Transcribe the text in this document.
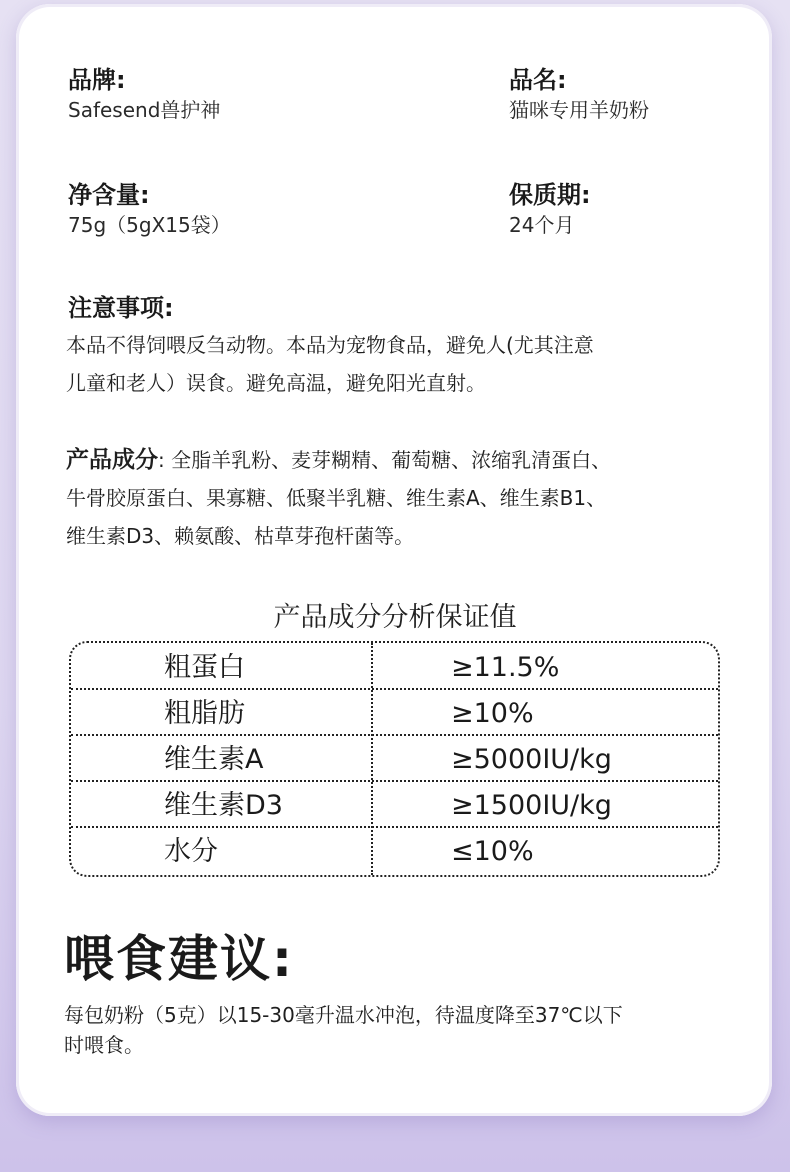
品牌:
Safesend兽护神
品名:
猫咪专用羊奶粉
净含量:
75g（5gX15袋）
保质期:
24个月
注意事项:
本品不得饲喂反刍动物。本品为宠物食品，避免人(尤其注意
儿童和老人）误食。避免高温，避免阳光直射。
产品成分: 全脂羊乳粉、麦芽糊精、葡萄糖、浓缩乳清蛋白、
牛骨胶原蛋白、果寡糖、低聚半乳糖、维生素A、维生素B1、
维生素D3、赖氨酸、枯草芽孢杆菌等。
产品成分分析保证值
粗蛋白	≥11.5%
粗脂肪	≥10%
维生素A	≥5000IU/kg
维生素D3	≥1500IU/kg
水分	≤10%
喂食建议:
每包奶粉（5克）以15-30毫升温水冲泡，待温度降至37℃以下
时喂食。
